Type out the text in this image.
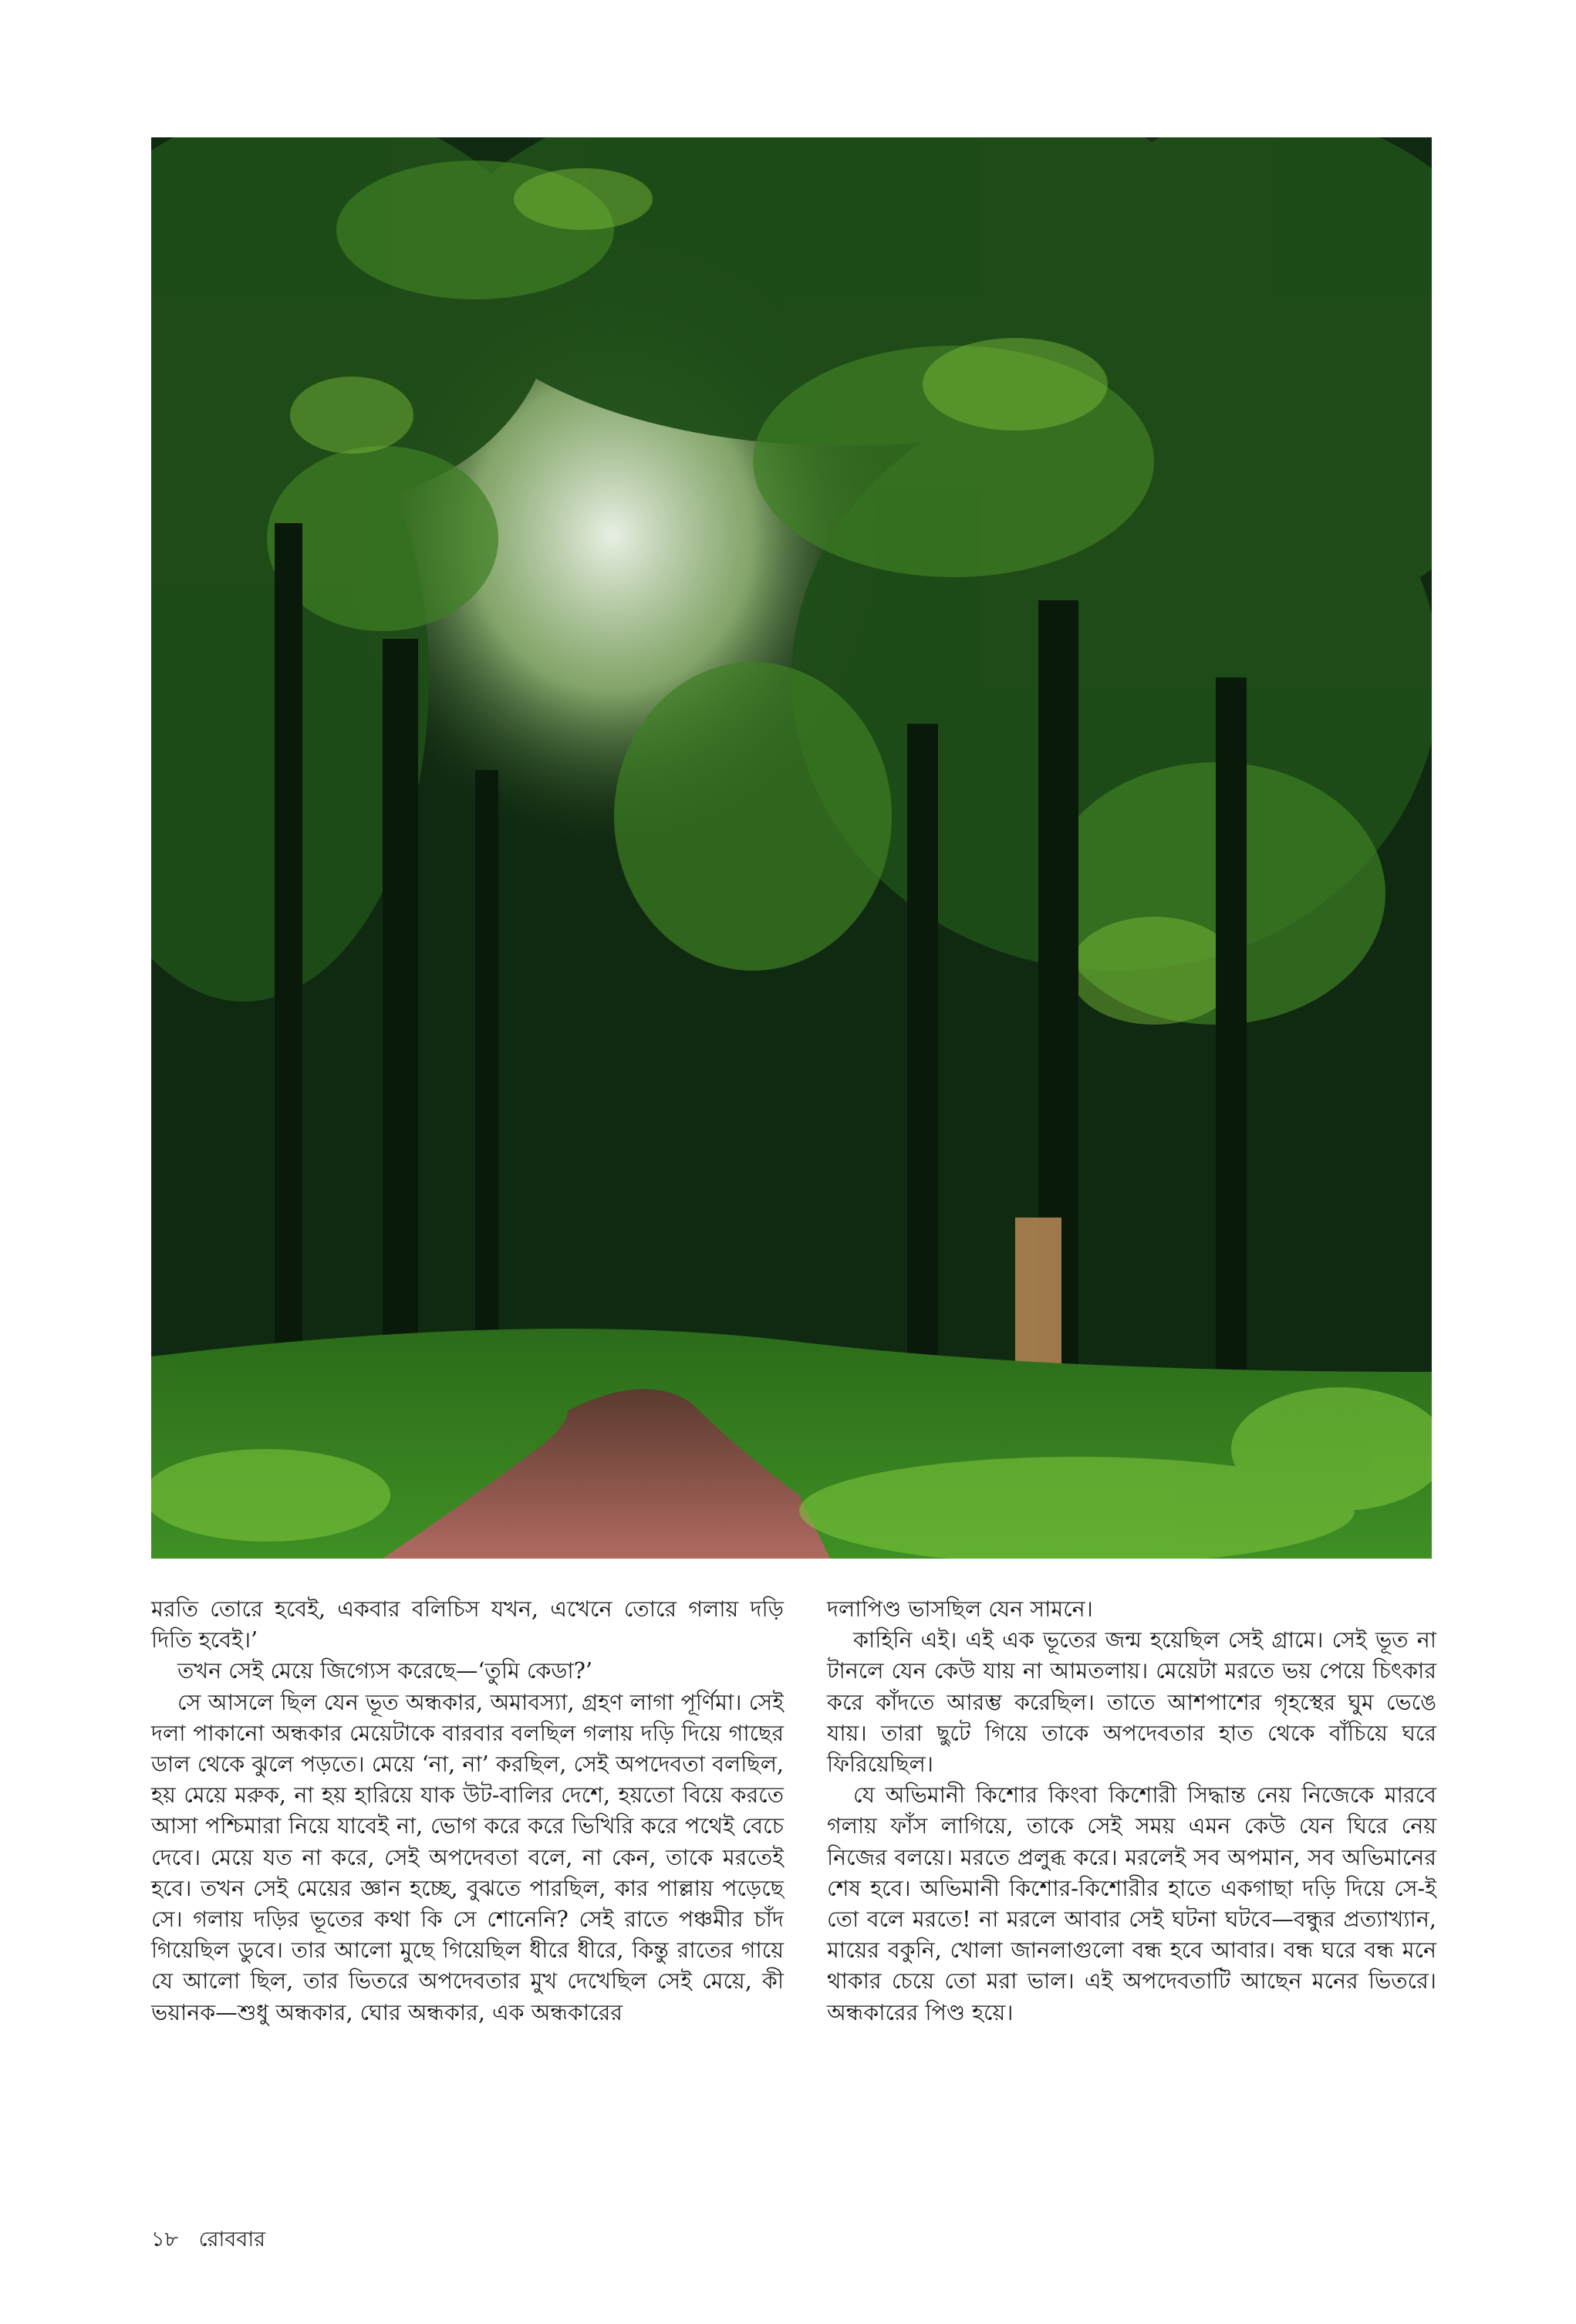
মরতি তোরে হবেই, একবার বলিচিস যখন, এখেনে তোরে গলায় দড়ি দিতি হবেই।’

তখন সেই মেয়ে জিগ্যেস করেছে—‘তুমি কেডা?’

সে আসলে ছিল যেন ভূত অন্ধকার, অমাবস্যা, গ্রহণ লাগা পূর্ণিমা। সেই দলা পাকানো অন্ধকার মেয়েটাকে বারবার বলছিল গলায় দড়ি দিয়ে গাছের ডাল থেকে ঝুলে পড়তে। মেয়ে ‘না, না’ করছিল, সেই অপদেবতা বলছিল, হয় মেয়ে মরুক, না হয় হারিয়ে যাক উট-বালির দেশে, হয়তো বিয়ে করতে আসা পশ্চিমারা নিয়ে যাবেই না, ভোগ করে করে ভিখিরি করে পথেই বেচে দেবে। মেয়ে যত না করে, সেই অপদেবতা বলে, না কেন, তাকে মরতেই হবে। তখন সেই মেয়ের জ্ঞান হচ্ছে, বুঝতে পারছিল, কার পাল্লায় পড়েছে সে। গলায় দড়ির ভূতের কথা কি সে শোনেনি? সেই রাতে পঞ্চমীর চাঁদ গিয়েছিল ডুবে। তার আলো মুছে গিয়েছিল ধীরে ধীরে, কিন্তু রাতের গায়ে যে আলো ছিল, তার ভিতরে অপদেবতার মুখ দেখেছিল সেই মেয়ে, কী ভয়ানক—শুধু অন্ধকার, ঘোর অন্ধকার, এক অন্ধকারের

দলাপিণ্ড ভাসছিল যেন সামনে।

কাহিনি এই। এই এক ভূতের জন্ম হয়েছিল সেই গ্রামে। সেই ভূত না টানলে যেন কেউ যায় না আমতলায়। মেয়েটা মরতে ভয় পেয়ে চিৎকার করে কাঁদতে আরম্ভ করেছিল। তাতে আশপাশের গৃহস্থের ঘুম ভেঙে যায়। তারা ছুটে গিয়ে তাকে অপদেবতার হাত থেকে বাঁচিয়ে ঘরে ফিরিয়েছিল।

যে অভিমানী কিশোর কিংবা কিশোরী সিদ্ধান্ত নেয় নিজেকে মারবে গলায় ফাঁস লাগিয়ে, তাকে সেই সময় এমন কেউ যেন ঘিরে নেয় নিজের বলয়ে। মরতে প্রলুব্ধ করে। মরলেই সব অপমান, সব অভিমানের শেষ হবে। অভিমানী কিশোর-কিশোরীর হাতে একগাছা দড়ি দিয়ে সে-ই তো বলে মরতে! না মরলে আবার সেই ঘটনা ঘটবে—বন্ধুর প্রত্যাখ্যান, মায়ের বকুনি, খোলা জানলাগুলো বন্ধ হবে আবার। বন্ধ ঘরে বন্ধ মনে থাকার চেয়ে তো মরা ভাল। এই অপদেবতাটি আছেন মনের ভিতরে। অন্ধকারের পিণ্ড হয়ে।

১৮ রোববার
